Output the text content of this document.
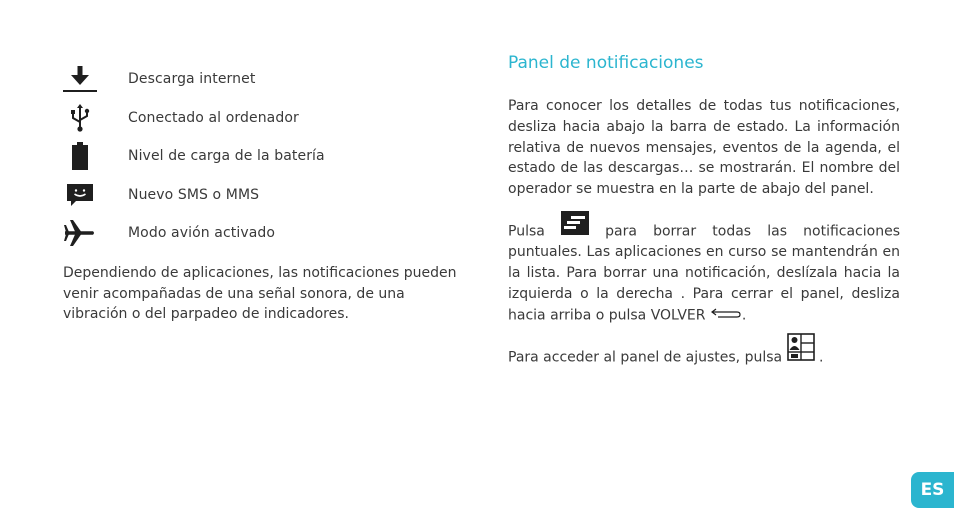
Descarga internet
Conectado al ordenador
Nivel de carga de la batería
Nuevo SMS o MMS
Modo avión activado
Dependiendo de aplicaciones, las notificaciones pueden venir acompañadas de una señal sonora, de una vibración o del parpadeo de indicadores.
Panel de notificaciones

Para conocer los detalles de todas tus notificaciones, desliza hacia abajo la barra de estado. La información relativa de nuevos mensajes, eventos de la agenda, el estado de las descargas… se mostrarán. El nombre del operador se muestra en la parte de abajo del panel.

Pulsa  para borrar todas las notificaciones puntuales. Las aplicaciones en curso se mantendrán en la lista. Para borrar una notificación, deslízala hacia la izquierda o la derecha . Para cerrar el panel, desliza hacia arriba o pulsa VOLVER .

Para acceder al panel de ajustes, pulsa  .

ES
